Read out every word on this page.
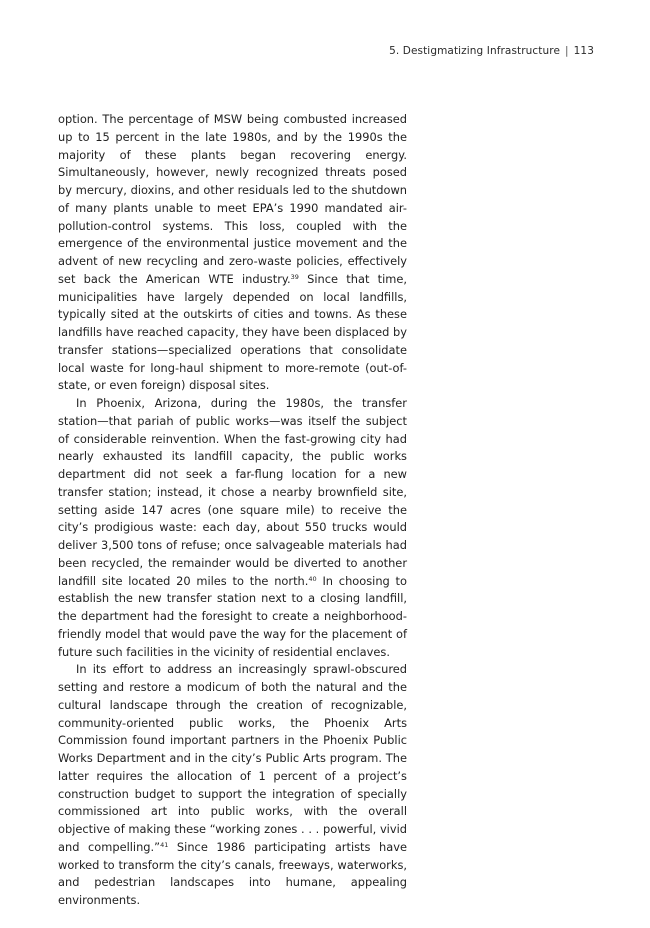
5. Destigmatizing Infrastructure | 113

option. The percentage of MSW being combusted increased up to 15 percent in the late 1980s, and by the 1990s the majority of these plants began recovering energy. Simultaneously, however, newly recognized threats posed by mercury, dioxins, and other residuals led to the shutdown of many plants unable to meet EPA’s 1990 mandated air-pollution-control systems. This loss, coupled with the emergence of the environmental justice movement and the advent of new recycling and zero-waste policies, effectively set back the American WTE industry.$^{39}$ Since that time, municipalities have largely depended on local landfills, typically sited at the outskirts of cities and towns. As these landfills have reached capacity, they have been displaced by transfer stations—specialized operations that consolidate local waste for long-haul shipment to more-remote (out-of-state, or even foreign) disposal sites.

In Phoenix, Arizona, during the 1980s, the transfer station—that pariah of public works—was itself the subject of considerable reinvention. When the fast-growing city had nearly exhausted its landfill capacity, the public works department did not seek a far-flung location for a new transfer station; instead, it chose a nearby brownfield site, setting aside 147 acres (one square mile) to receive the city’s prodigious waste: each day, about 550 trucks would deliver 3,500 tons of refuse; once salvageable materials had been recycled, the remainder would be diverted to another landfill site located 20 miles to the north.$^{40}$ In choosing to establish the new transfer station next to a closing landfill, the department had the foresight to create a neighborhood-friendly model that would pave the way for the placement of future such facilities in the vicinity of residential enclaves.

In its effort to address an increasingly sprawl-obscured setting and restore a modicum of both the natural and the cultural landscape through the creation of recognizable, community-oriented public works, the Phoenix Arts Commission found important partners in the Phoenix Public Works Department and in the city’s Public Arts program. The latter requires the allocation of 1 percent of a project’s construction budget to support the integration of specially commissioned art into public works, with the overall objective of making these “working zones . . . powerful, vivid and compelling.”$^{41}$ Since 1986 participating artists have worked to transform the city’s canals, freeways, waterworks, and pedestrian landscapes into humane, appealing environments.
